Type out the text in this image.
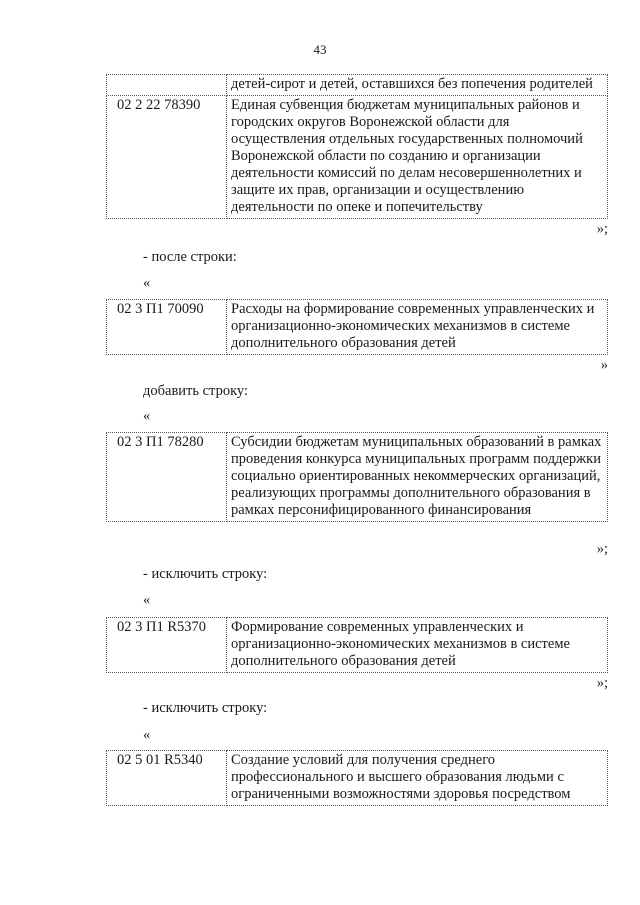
43
	детей-сирот и детей, оставшихся без попечения родителей
02 2 22 78390	Единая субвенция бюджетам муниципальных районов и городских округов Воронежской области для осуществления отдельных государственных полномочий Воронежской области по созданию и организации деятельности комиссий по делам несовершеннолетних и защите их прав, организации и осуществлению деятельности по опеке и попечительству
»;
- после строки:
«
02 3 П1 70090	Расходы на формирование современных управленческих и организационно-экономических механизмов в системе дополнительного образования детей
»
добавить строку:
«
02 3 П1 78280	Субсидии бюджетам муниципальных образований в рамках проведения конкурса муниципальных программ поддержки социально ориентированных некоммерческих организаций, реализующих программы дополнительного образования в рамках персонифицированного финансирования
»;
- исключить строку:
«
02 3 П1 R5370	Формирование современных управленческих и организационно-экономических механизмов в системе дополнительного образования детей
»;
- исключить строку:
«
02 5 01 R5340	Создание условий для получения среднего профессионального и высшего образования людьми с ограниченными возможностями здоровья посредством
